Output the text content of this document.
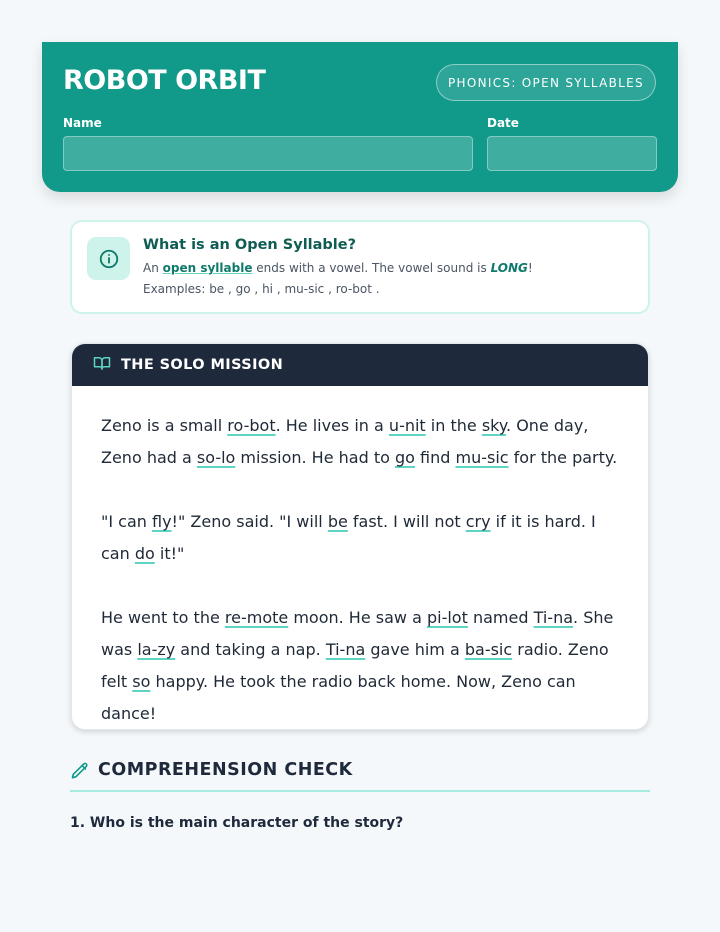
ROBOT ORBIT	PHONICS: OPEN SYLLABLES
Name	Date
What is an Open Syllable?
An open syllable ends with a vowel. The vowel sound is LONG!
Examples: be , go , hi , mu-sic , ro-bot .
THE SOLO MISSION

Zeno is a small ro-bot. He lives in a u-nit in the sky. One day, Zeno had a so-lo mission. He had to go find mu-sic for the party.

"I can fly!" Zeno said. "I will be fast. I will not cry if it is hard. I can do it!"

He went to the re-mote moon. He saw a pi-lot named Ti-na. She was la-zy and taking a nap. Ti-na gave him a ba-sic radio. Zeno felt so happy. He took the radio back home. Now, Zeno can dance!

COMPREHENSION CHECK
1. Who is the main character of the story?
